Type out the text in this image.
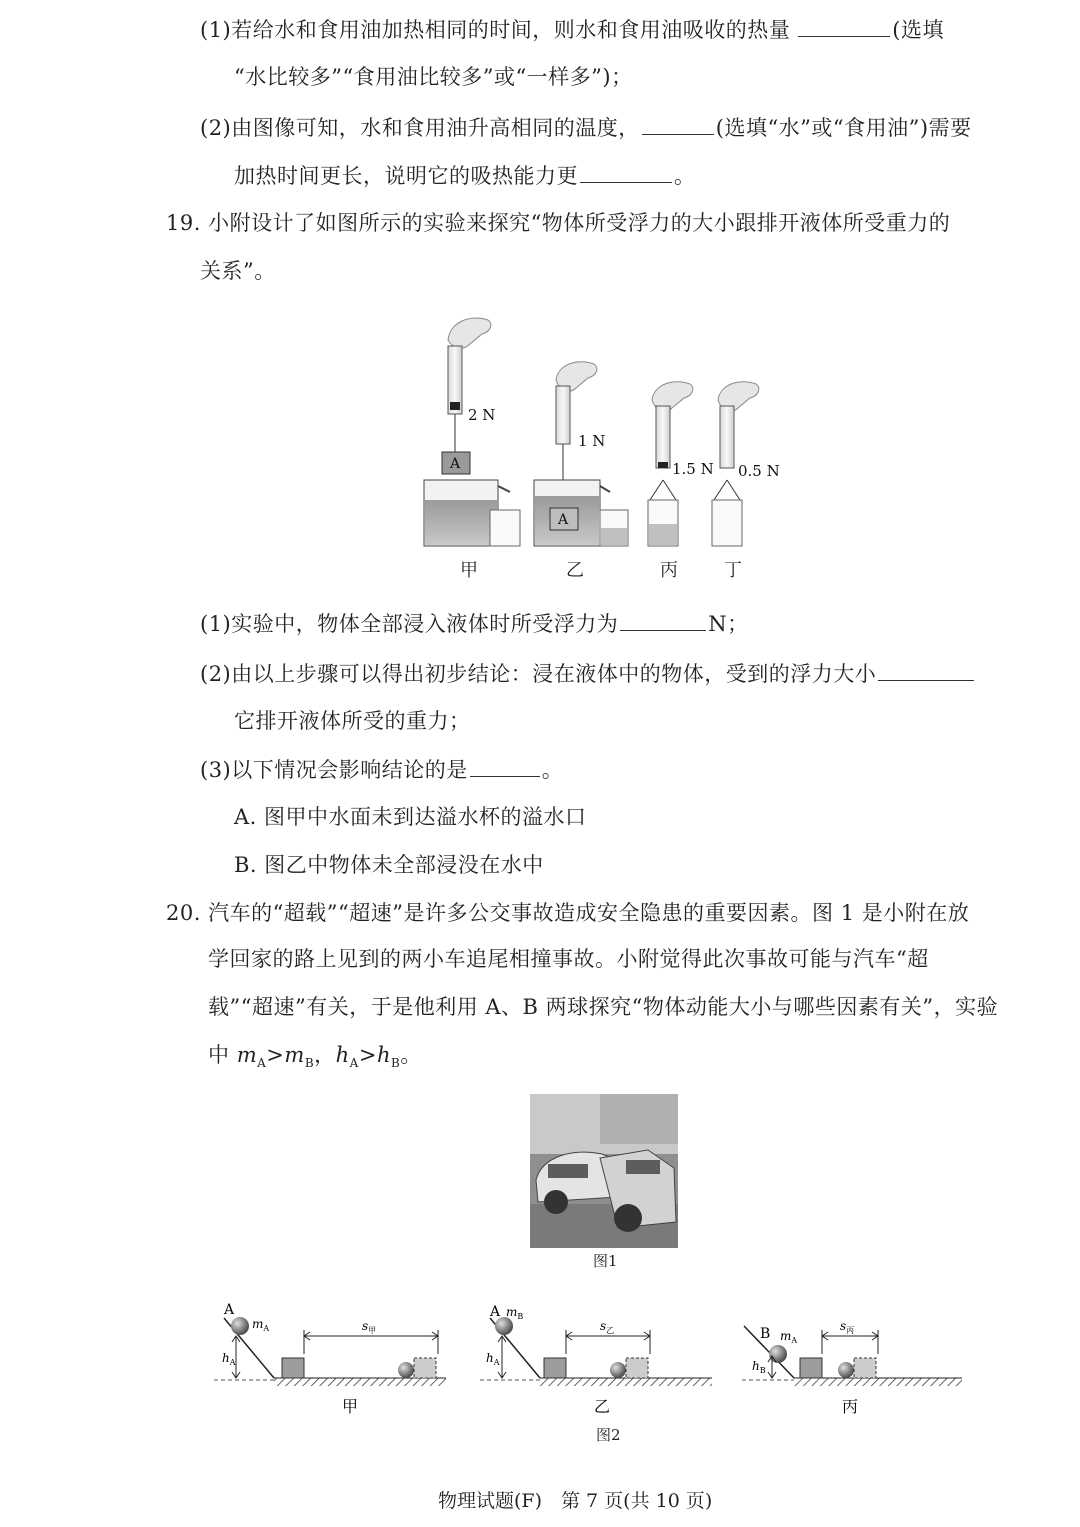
(1)若给水和食用油加热相同的时间，则水和食用油吸收的热量	(选填
“水比较多”“食用油比较多”或“一样多”)；
(2)由图像可知，水和食用油升高相同的温度，	(选填“水”或“食用油”)需要
加热时间更长，说明它的吸热能力更	。
19. 小附设计了如图所示的实验来探究“物体所受浮力的大小跟排开液体所受重力的
关系”。
A
2 N
甲
1 N
A
乙
1.5 N
丙
0.5 N
丁
(1)实验中，物体全部浸入液体时所受浮力为	N；
(2)由以上步骤可以得出初步结论：浸在液体中的物体，受到的浮力大小
它排开液体所受的重力；
(3)以下情况会影响结论的是	。
A. 图甲中水面未到达溢水杯的溢水口
B. 图乙中物体未全部浸没在水中
20. 汽车的“超载”“超速”是许多公交事故造成安全隐患的重要因素。图 1 是小附在放
学回家的路上见到的两小车追尾相撞事故。小附觉得此次事故可能与汽车“超
载”“超速”有关，于是他利用 A、B 两球探究“物体动能大小与哪些因素有关”，实验
中 $m_A>m_B$，$h_A>h_B$。
图1
A
$m_A$
$h_A$
$s_甲$
甲
A $m_B$
$h_A$
$s_乙$
乙
B $m_A$
$h_B$
$s_丙$
丙
图2
物理试题(F)　第 7 页(共 10 页)
